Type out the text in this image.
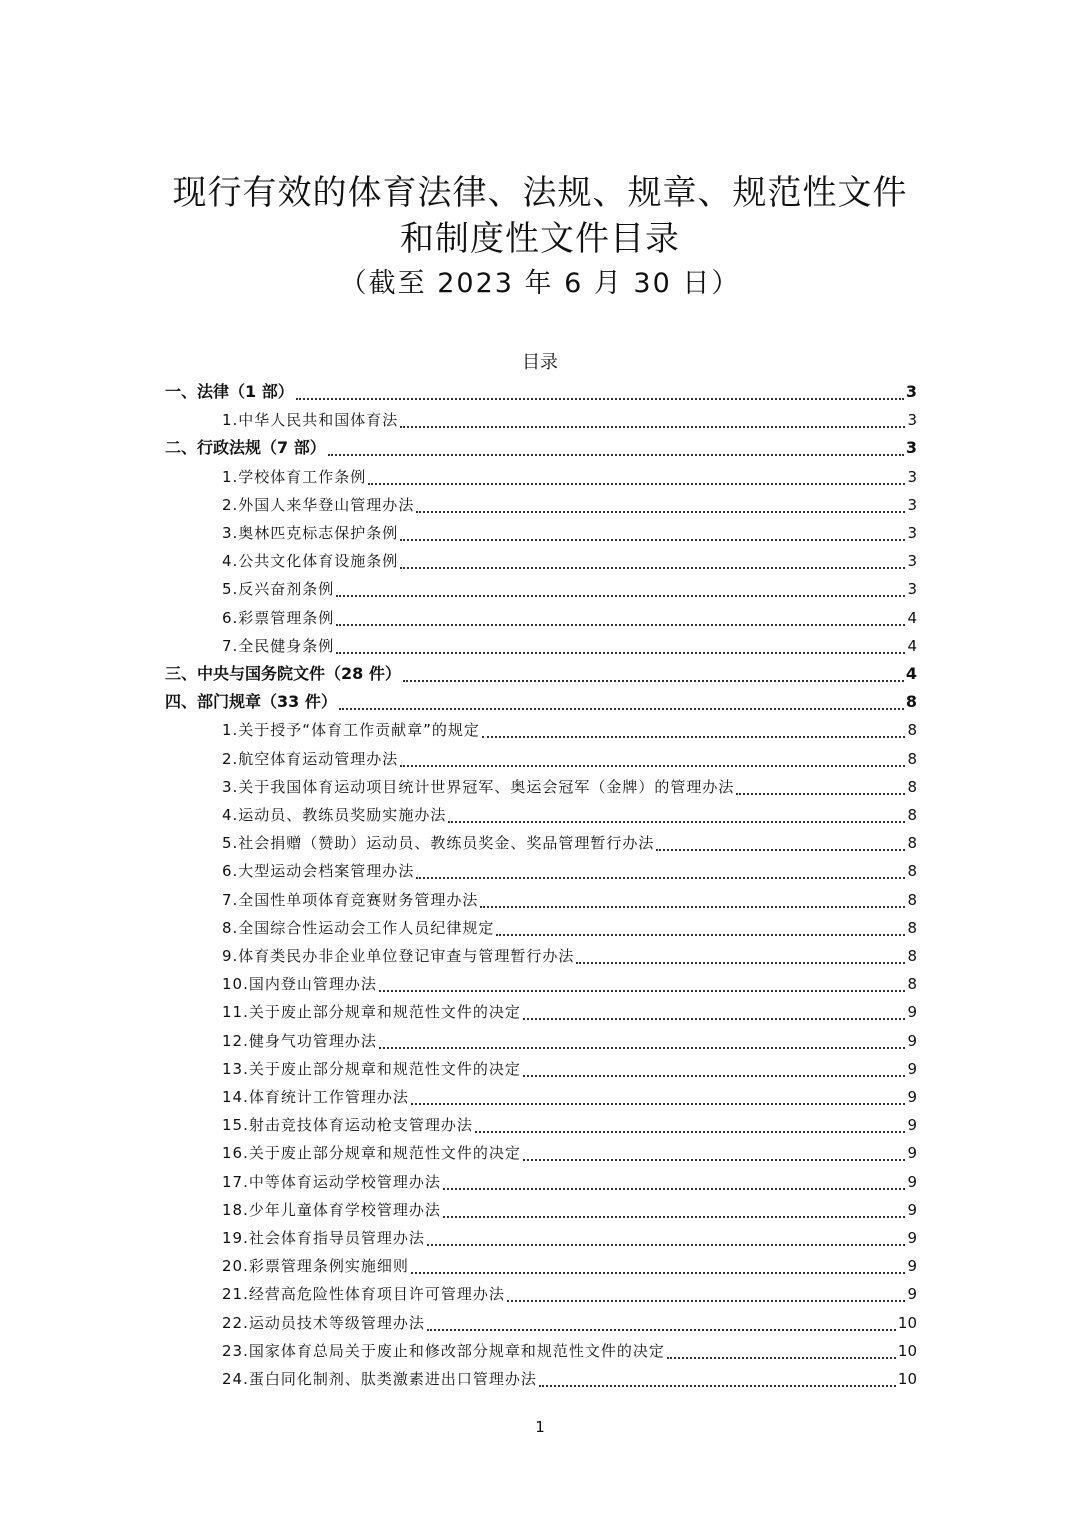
现行有效的体育法律、法规、规章、规范性文件
和制度性文件目录
（截至 2023 年 6 月 30 日）
目录
一、法律（1 部）	3
1.中华人民共和国体育法	3
二、行政法规（7 部）	3
1.学校体育工作条例	3
2.外国人来华登山管理办法	3
3.奥林匹克标志保护条例	3
4.公共文化体育设施条例	3
5.反兴奋剂条例	3
6.彩票管理条例	4
7.全民健身条例	4
三、中央与国务院文件（28 件）	4
四、部门规章（33 件）	8
1.关于授予“体育工作贡献章”的规定	8
2.航空体育运动管理办法	8
3.关于我国体育运动项目统计世界冠军、奥运会冠军（金牌）的管理办法	8
4.运动员、教练员奖励实施办法	8
5.社会捐赠（赞助）运动员、教练员奖金、奖品管理暂行办法	8
6.大型运动会档案管理办法	8
7.全国性单项体育竞赛财务管理办法	8
8.全国综合性运动会工作人员纪律规定	8
9.体育类民办非企业单位登记审查与管理暂行办法	8
10.国内登山管理办法	8
11.关于废止部分规章和规范性文件的决定	9
12.健身气功管理办法	9
13.关于废止部分规章和规范性文件的决定	9
14.体育统计工作管理办法	9
15.射击竞技体育运动枪支管理办法	9
16.关于废止部分规章和规范性文件的决定	9
17.中等体育运动学校管理办法	9
18.少年儿童体育学校管理办法	9
19.社会体育指导员管理办法	9
20.彩票管理条例实施细则	9
21.经营高危险性体育项目许可管理办法	9
22.运动员技术等级管理办法	10
23.国家体育总局关于废止和修改部分规章和规范性文件的决定	10
24.蛋白同化制剂、肽类激素进出口管理办法	10
1
